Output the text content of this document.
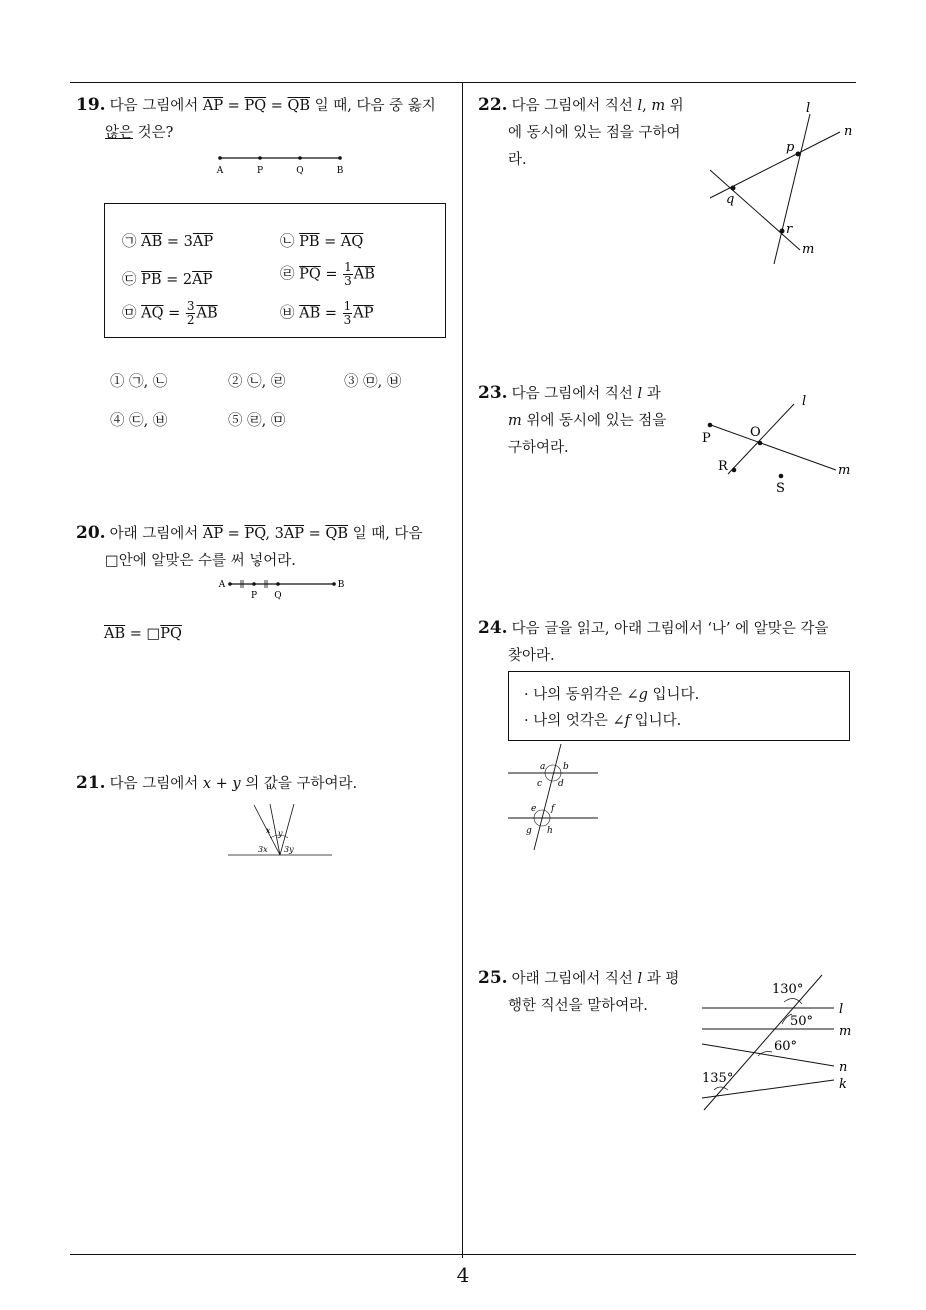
4
19. 다음 그림에서 $\overline{AP} = \overline{PQ} = \overline{QB}$ 일 때, 다음 중 옳지
않은 것은?
A	P	Q	B
㉠ $\overline{AB} = 3\overline{AP}$	㉡ $\overline{PB} = \overline{AQ}$
㉢ $\overline{PB} = 2\overline{AP}$	㉣ $\overline{PQ} = \frac{1}{3} \overline{AB}$
㉤ $\overline{AQ} = \frac{3}{2} \overline{AB}$	㉥ $\overline{AB} = \frac{1}{3} \overline{AP}$
① ㉠, ㉡	② ㉡, ㉣	③ ㉤, ㉥
④ ㉢, ㉥	⑤ ㉣, ㉤
20. 아래 그림에서 $\overline{AP} = \overline{PQ}$, $3\overline{AP} = \overline{QB}$ 일 때, 다음
□안에 알맞은 수를 써 넣어라.
A
P Q
B
$\overline{AB}$ = $□\overline{PQ}$
21. 다음 그림에서 x + y 의 값을 구하여라.
x y
3x 3y
22. 다음 그림에서 직선 l, m 위
에 동시에 있는 점을 구하여
라.
l
n
p
q
r
m
23. 다음 그림에서 직선 l 과
m 위에 동시에 있는 점을
구하여라.
l
P	O
R
S
m
24. 다음 글을 읽고, 아래 그림에서 ‘나’ 에 알맞은 각을
찾아라.
· 나의 동위각은 ∠g 입니다.
· 나의 엇각은 ∠f 입니다.
a b
c d
e f
g h
25. 아래 그림에서 직선 l 과 평
행한 직선을 말하여라.
130°
l
50°
m
60°
n
135°	k
